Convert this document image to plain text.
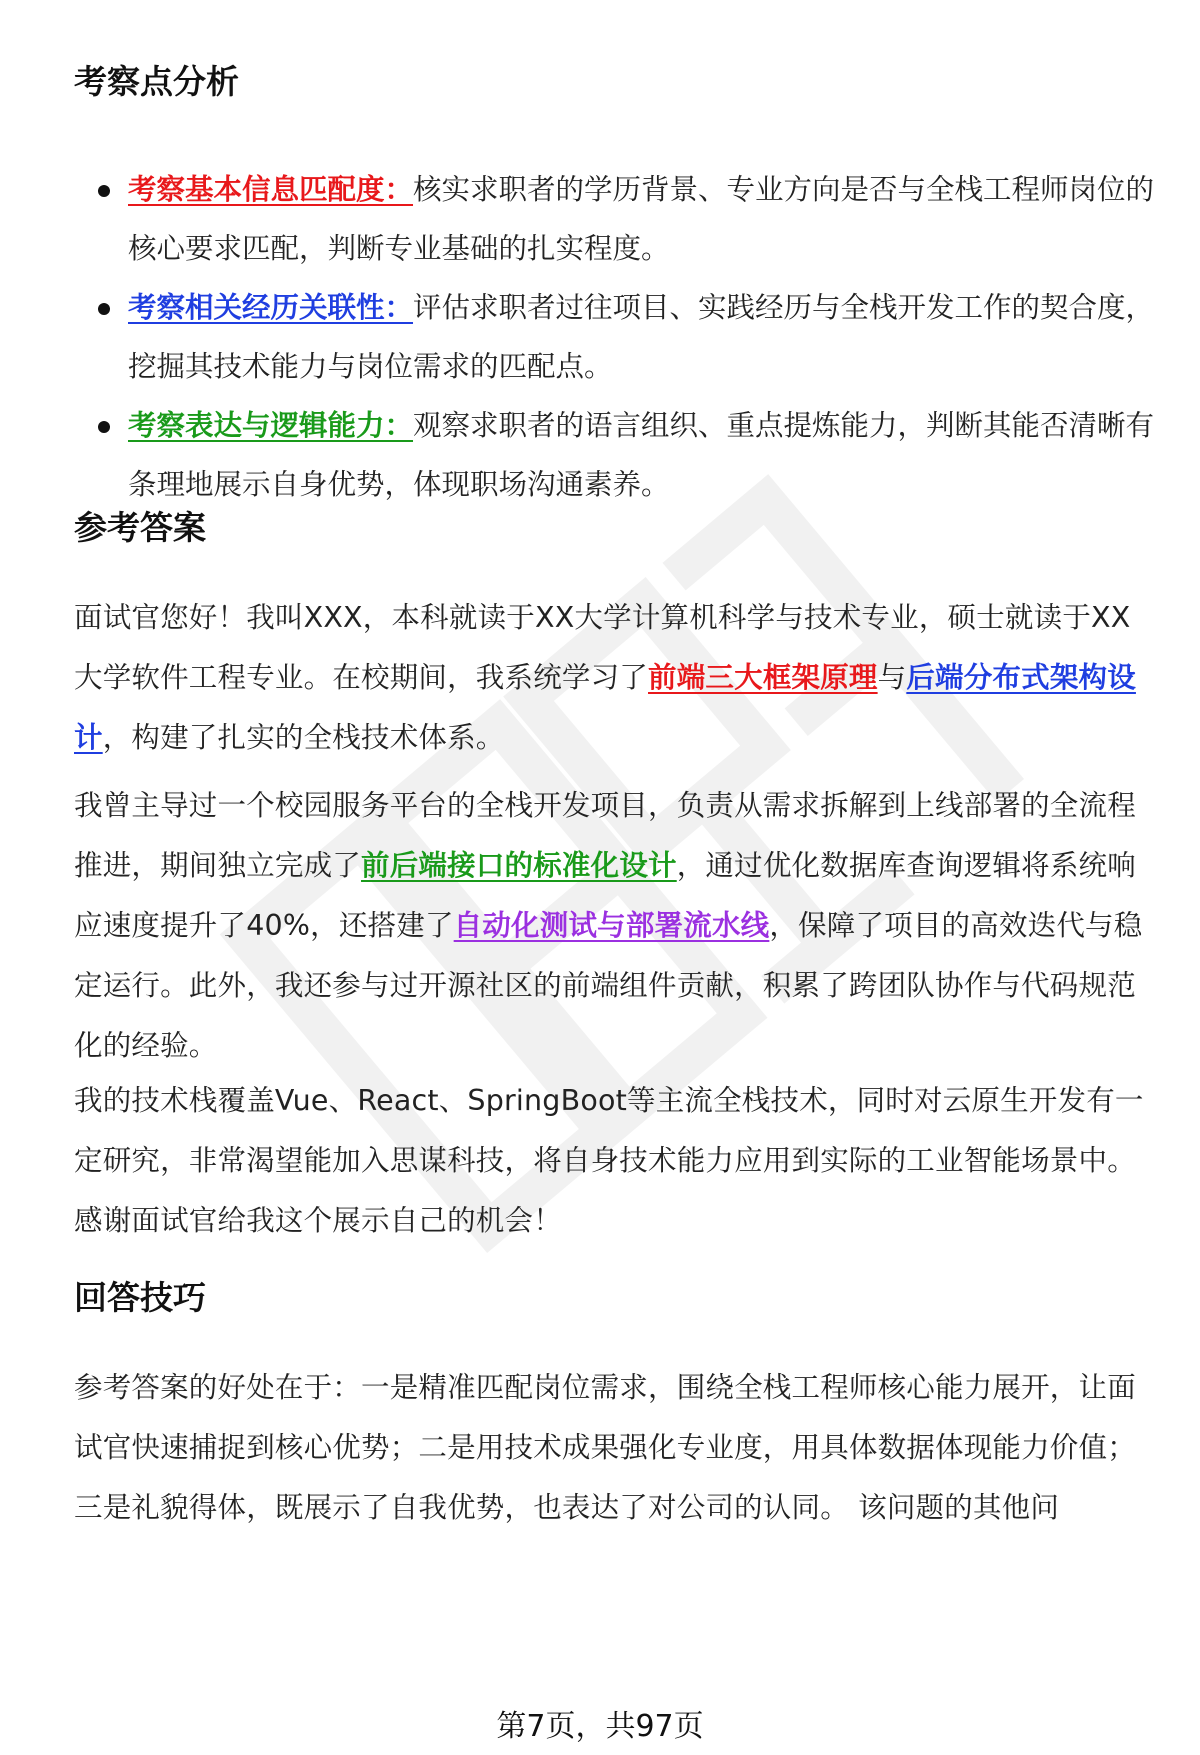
考察点分析
考察基本信息匹配度：核实求职者的学历背景、专业方向是否与全栈工程师岗位的核心要求匹配，判断专业基础的扎实程度。
考察相关经历关联性：评估求职者过往项目、实践经历与全栈开发工作的契合度，挖掘其技术能力与岗位需求的匹配点。
考察表达与逻辑能力：观察求职者的语言组织、重点提炼能力，判断其能否清晰有条理地展示自身优势，体现职场沟通素养。
参考答案

面试官您好！我叫XXX，本科就读于XX大学计算机科学与技术专业，硕士就读于XX大学软件工程专业。在校期间，我系统学习了前端三大框架原理与后端分布式架构设计，构建了扎实的全栈技术体系。

我曾主导过一个校园服务平台的全栈开发项目，负责从需求拆解到上线部署的全流程推进，期间独立完成了前后端接口的标准化设计，通过优化数据库查询逻辑将系统响应速度提升了40%，还搭建了自动化测试与部署流水线，保障了项目的高效迭代与稳定运行。此外，我还参与过开源社区的前端组件贡献，积累了跨团队协作与代码规范化的经验。

我的技术栈覆盖Vue、React、SpringBoot等主流全栈技术，同时对云原生开发有一定研究，非常渴望能加入思谋科技，将自身技术能力应用到实际的工业智能场景中。感谢面试官给我这个展示自己的机会！

回答技巧

参考答案的好处在于：一是精准匹配岗位需求，围绕全栈工程师核心能力展开，让面试官快速捕捉到核心优势；二是用技术成果强化专业度，用具体数据体现能力价值；三是礼貌得体，既展示了自我优势，也表达了对公司的认同。 该问题的其他问

第7页，共97页
